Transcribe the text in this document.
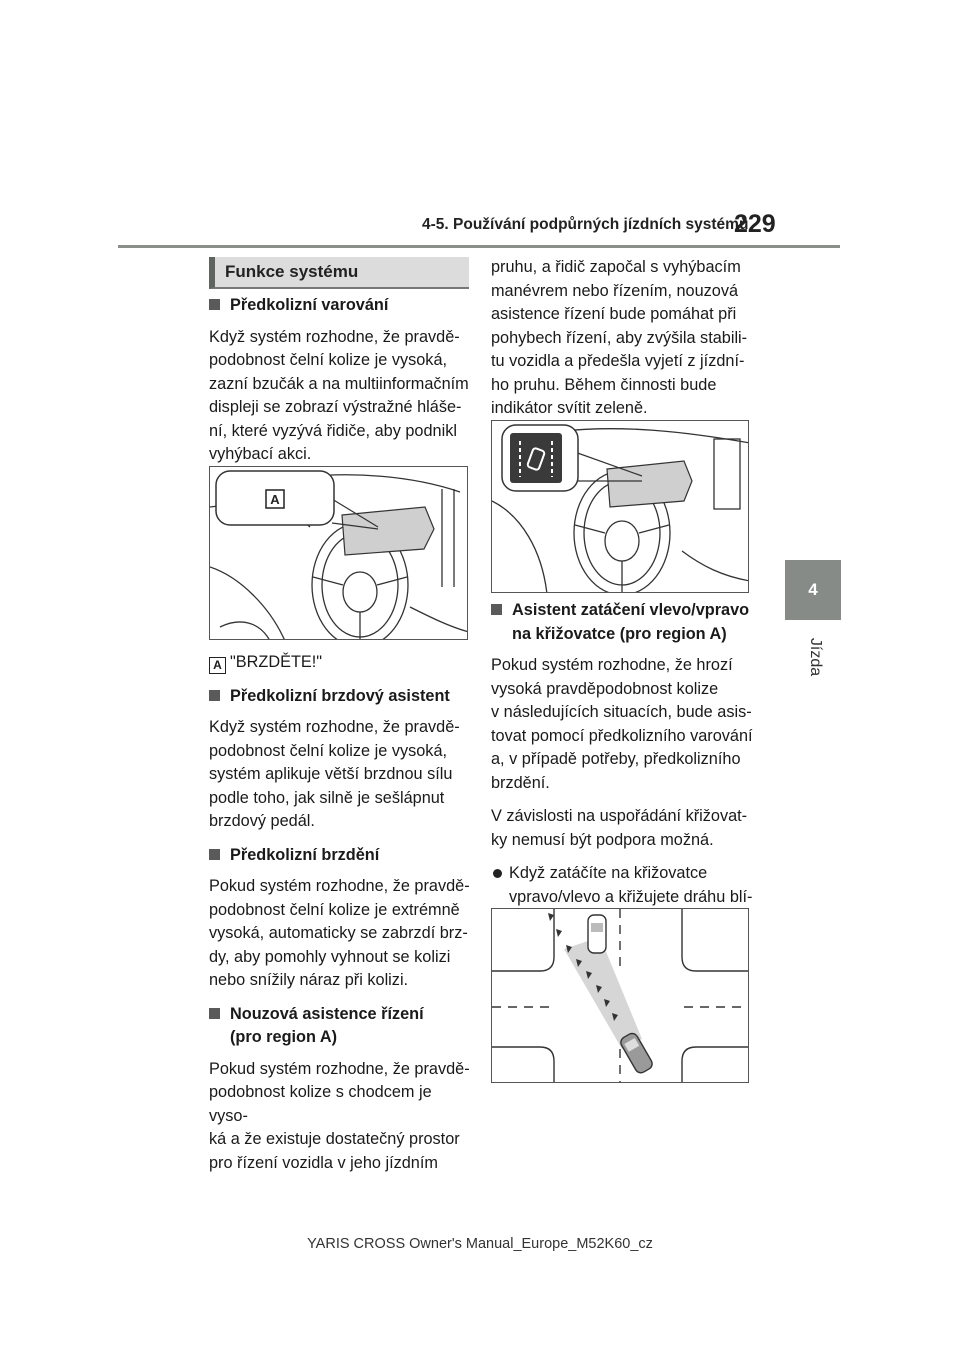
4-5. Používání podpůrných jízdních systémů
229
4
Jízda
Funkce systému

Předkolizní varování

Když systém rozhodne, že pravdě-

podobnost čelní kolize je vysoká,

zazní bzučák a na multiinformačním

displeji se zobrazí výstražné hláše-

ní, které vyzývá řidiče, aby podnikl

vyhýbací akci.

A

A "BRZDĚTE!"

Předkolizní brzdový asistent

Když systém rozhodne, že pravdě-

podobnost čelní kolize je vysoká,

systém aplikuje větší brzdnou sílu

podle toho, jak silně je sešlápnut

brzdový pedál.

Předkolizní brzdění

Pokud systém rozhodne, že pravdě-

podobnost čelní kolize je extrémně

vysoká, automaticky se zabrzdí brz-

dy, aby pomohly vyhnout se kolizi

nebo snížily náraz při kolizi.

Nouzová asistence řízení

(pro region A)

Pokud systém rozhodne, že pravdě-

podobnost kolize s chodcem je vyso-

ká a že existuje dostatečný prostor

pro řízení vozidla v jeho jízdním

pruhu, a řidič započal s vyhýbacím

manévrem nebo řízením, nouzová

asistence řízení bude pomáhat při

pohybech řízení, aby zvýšila stabili-

tu vozidla a předešla vyjetí z jízdní-

ho pruhu. Během činnosti bude

indikátor svítit zeleně.

Asistent zatáčení vlevo/vpravo

na křižovatce (pro region A)

Pokud systém rozhodne, že hrozí

vysoká pravděpodobnost kolize

v následujících situacích, bude asis-

tovat pomocí předkolizního varování

a, v případě potřeby, předkolizního

brzdění.

V závislosti na uspořádání křižovat-

ky nemusí být podpora možná.

Když zatáčíte na křižovatce

vpravo/vlevo a křižujete dráhu blí-

YARIS CROSS Owner's Manual_Europe_M52K60_cz
